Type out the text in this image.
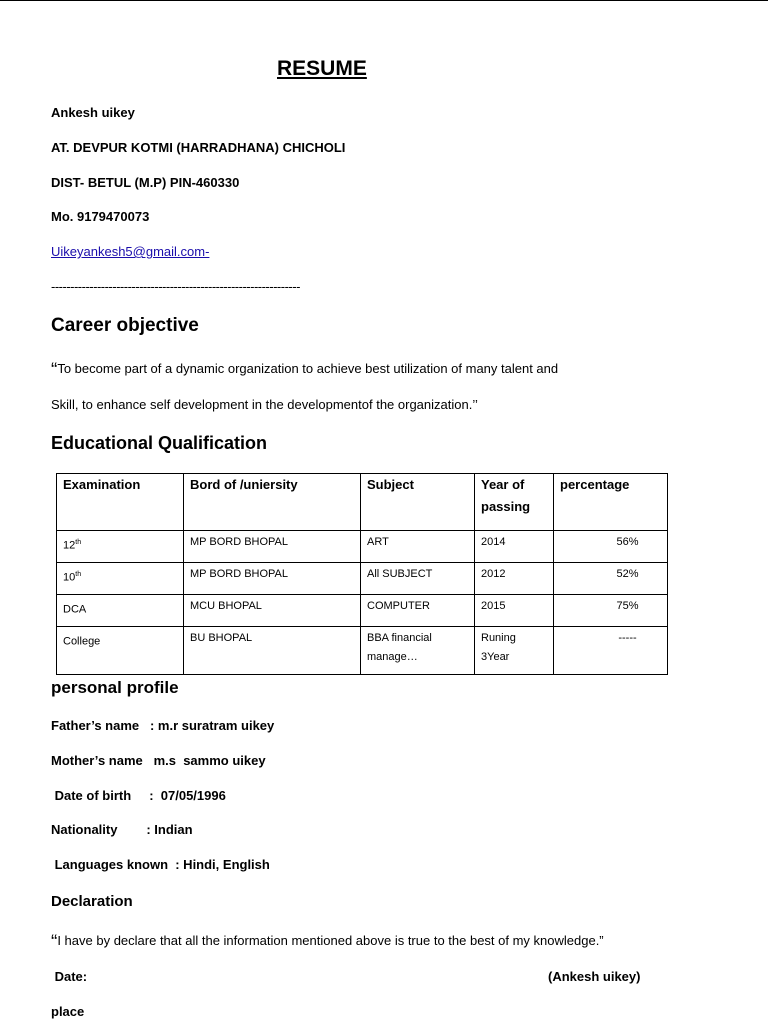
RESUME
Ankesh uikey
AT. DEVPUR KOTMI (HARRADHANA) CHICHOLI
DIST- BETUL (M.P) PIN-460330
Mo. 9179470073
Uikeyankesh5@gmail.com-
-----------------------------------------------------------------
Career objective
“To become part of a dynamic organization to achieve best utilization of many talent and
Skill, to enhance self development in the developmentof the organization.’’
Educational Qualification
Examination	Bord of /uniersity	Subject	Year of passing	percentage
12th	MP BORD BHOPAL	ART	2014	56%
10th	MP BORD BHOPAL	All SUBJECT	2012	52%
DCA	MCU BHOPAL	COMPUTER	2015	75%
College	BU BHOPAL	BBA financial manage…	Runing 3Year	-----
personal profile
Father’s name   : m.r suratram uikey
Mother’s name   m.s  sammo uikey
Date of birth     :  07/05/1996
Nationality        : Indian
Languages known  : Hindi, English
Declaration
“I have by declare that all the information mentioned above is true to the best of my knowledge.”
Date:	(Ankesh uikey)
place
